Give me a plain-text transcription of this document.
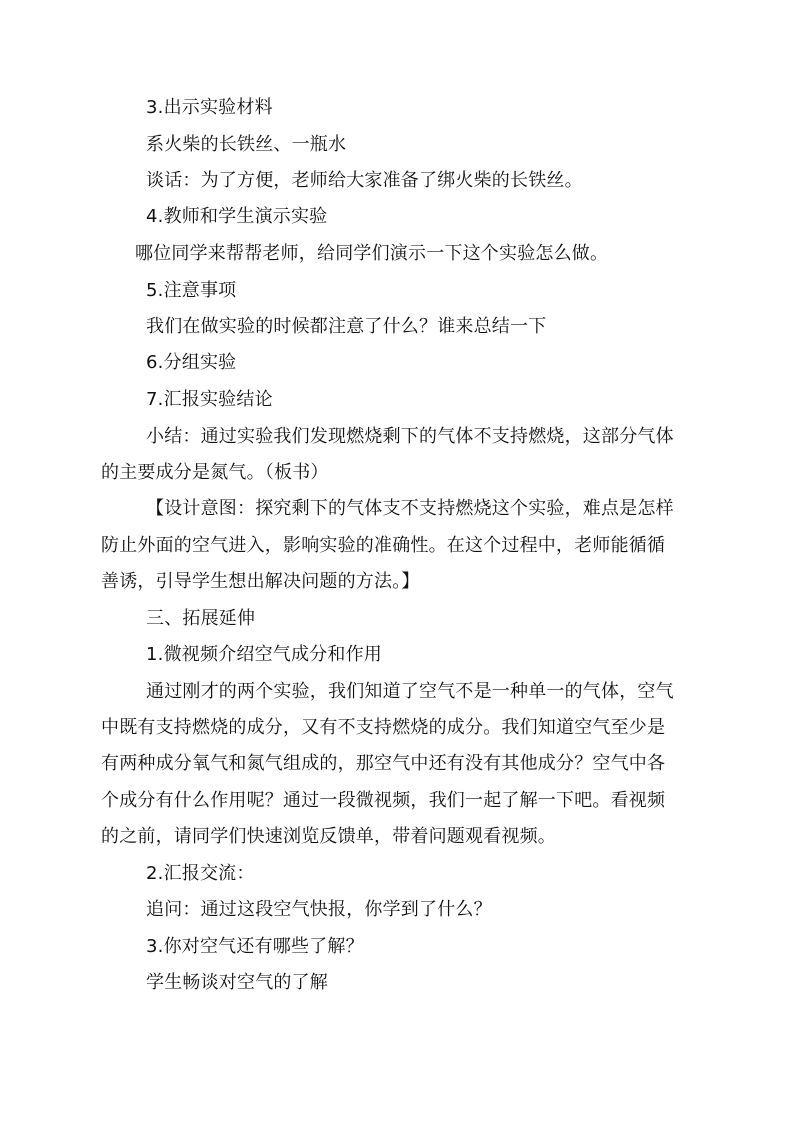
3.出示实验材料
系火柴的长铁丝、一瓶水
谈话：为了方便，老师给大家准备了绑火柴的长铁丝。
4.教师和学生演示实验
哪位同学来帮帮老师，给同学们演示一下这个实验怎么做。
5.注意事项
我们在做实验的时候都注意了什么？谁来总结一下
6.分组实验
7.汇报实验结论
小结：通过实验我们发现燃烧剩下的气体不支持燃烧，这部分气体
的主要成分是氮气。（板书）
【设计意图：探究剩下的气体支不支持燃烧这个实验，难点是怎样
防止外面的空气进入，影响实验的准确性。在这个过程中，老师能循循
善诱，引导学生想出解决问题的方法。】
三、拓展延伸
1.微视频介绍空气成分和作用
通过刚才的两个实验，我们知道了空气不是一种单一的气体，空气
中既有支持燃烧的成分，又有不支持燃烧的成分。我们知道空气至少是
有两种成分氧气和氮气组成的，那空气中还有没有其他成分？空气中各
个成分有什么作用呢？通过一段微视频，我们一起了解一下吧。看视频
的之前，请同学们快速浏览反馈单，带着问题观看视频。
2.汇报交流：
追问：通过这段空气快报，你学到了什么？
3.你对空气还有哪些了解？
学生畅谈对空气的了解
